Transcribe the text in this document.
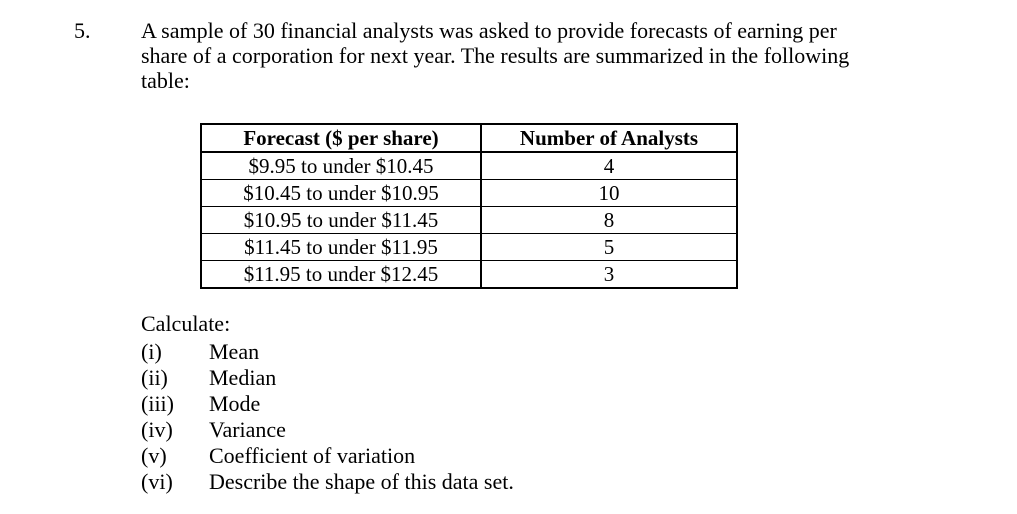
5. A sample of 30 financial analysts was asked to provide forecasts of earning per

share of a corporation for next year. The results are summarized in the following

table:

Forecast ($ per share)	Number of Analysts
$9.95 to under $10.45	4
$10.45 to under $10.95	10
$10.95 to under $11.45	8
$11.45 to under $11.95	5
$11.95 to under $12.45	3
Calculate:
(i)	Mean
(ii)	Median
(iii)	Mode
(iv)	Variance
(v)	Coefficient of variation
(vi)	Describe the shape of this data set.
